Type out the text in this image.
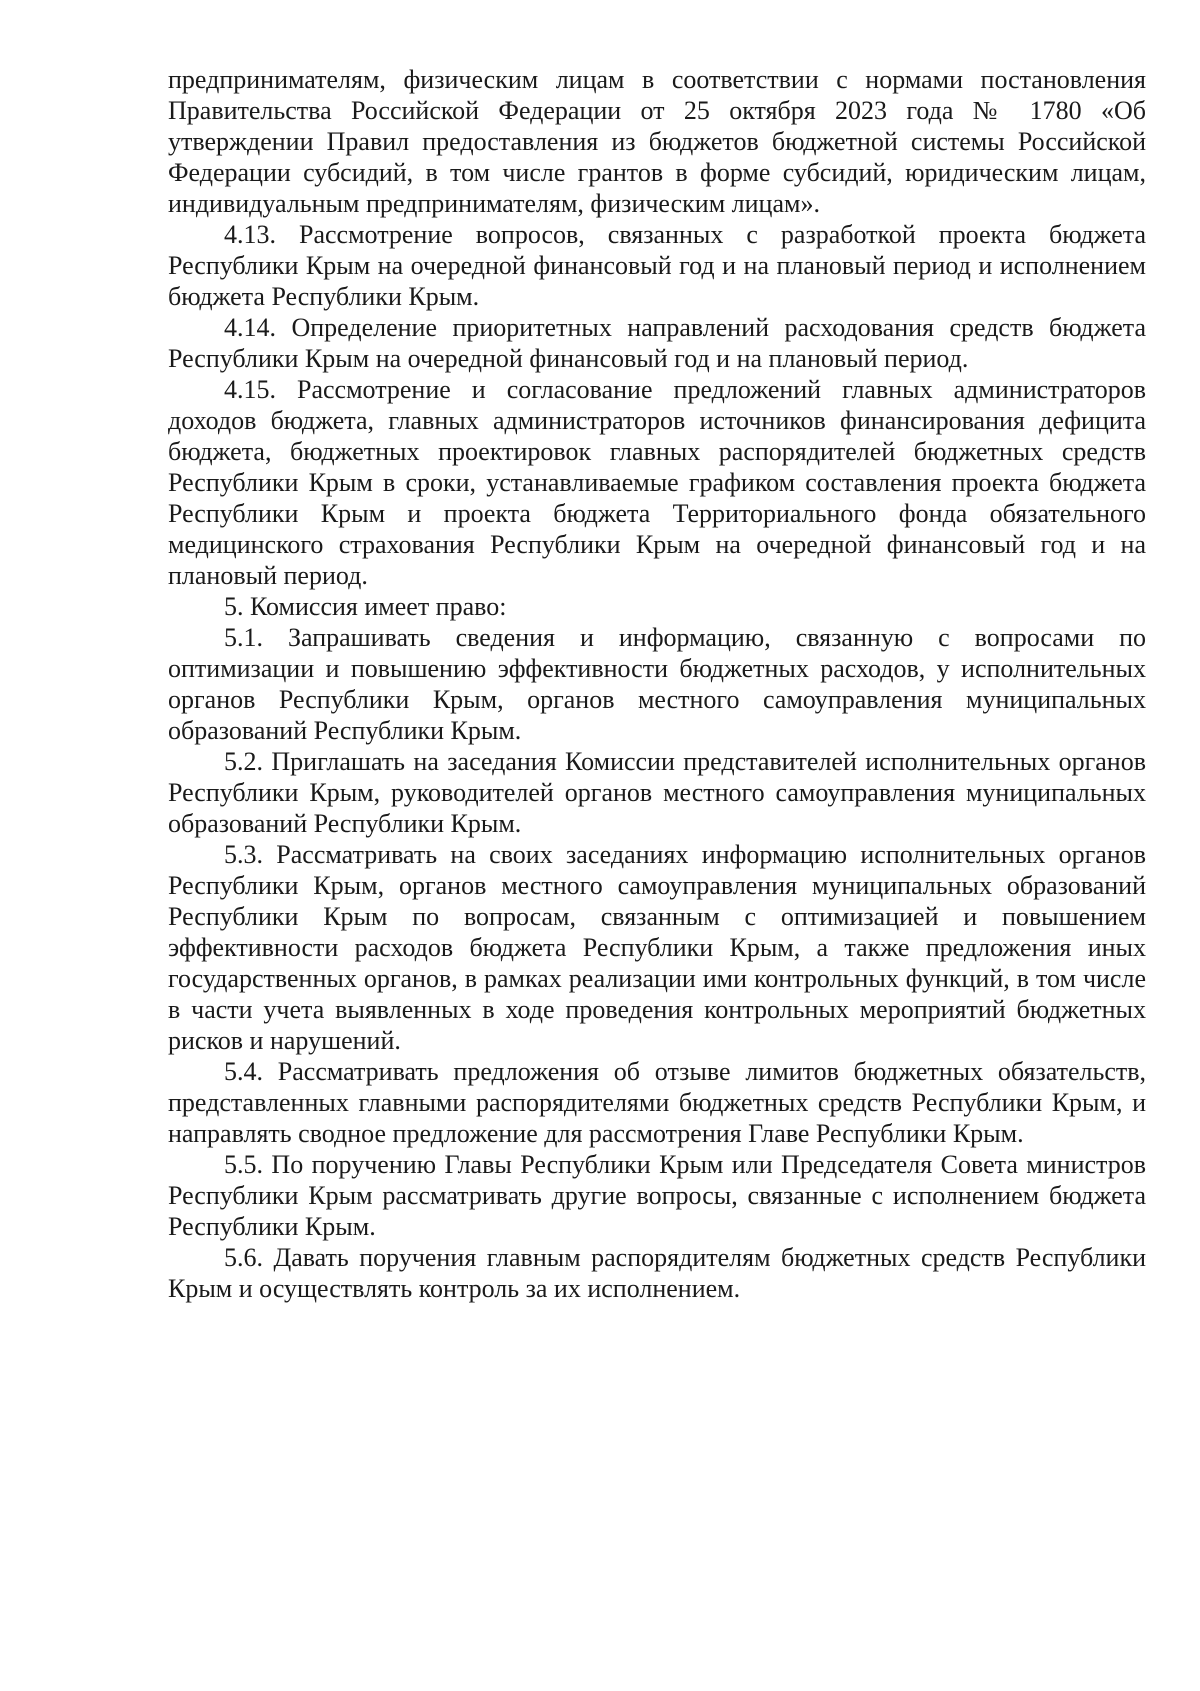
предпринимателям, физическим лицам в соответствии с нормами постановления Правительства Российской Федерации от 25 октября 2023 года № 1780 «Об утверждении Правил предоставления из бюджетов бюджетной системы Российской Федерации субсидий, в том числе грантов в форме субсидий, юридическим лицам, индивидуальным предпринимателям, физическим лицам».

4.13. Рассмотрение вопросов, связанных с разработкой проекта бюджета Республики Крым на очередной финансовый год и на плановый период и исполнением бюджета Республики Крым.

4.14. Определение приоритетных направлений расходования средств бюджета Республики Крым на очередной финансовый год и на плановый период.

4.15. Рассмотрение и согласование предложений главных администраторов доходов бюджета, главных администраторов источников финансирования дефицита бюджета, бюджетных проектировок главных распорядителей бюджетных средств Республики Крым в сроки, устанавливаемые графиком составления проекта бюджета Республики Крым и проекта бюджета Территориального фонда обязательного медицинского страхования Республики Крым на очередной финансовый год и на плановый период.

5. Комиссия имеет право:

5.1. Запрашивать сведения и информацию, связанную с вопросами по оптимизации и повышению эффективности бюджетных расходов, у исполнительных органов Республики Крым, органов местного самоуправления муниципальных образований Республики Крым.

5.2. Приглашать на заседания Комиссии представителей исполнительных органов Республики Крым, руководителей органов местного самоуправления муниципальных образований Республики Крым.

5.3. Рассматривать на своих заседаниях информацию исполнительных органов Республики Крым, органов местного самоуправления муниципальных образований Республики Крым по вопросам, связанным с оптимизацией и повышением эффективности расходов бюджета Республики Крым, а также предложения иных государственных органов, в рамках реализации ими контрольных функций, в том числе в части учета выявленных в ходе проведения контрольных мероприятий бюджетных рисков и нарушений.

5.4. Рассматривать предложения об отзыве лимитов бюджетных обязательств, представленных главными распорядителями бюджетных средств Республики Крым, и направлять сводное предложение для рассмотрения Главе Республики Крым.

5.5. По поручению Главы Республики Крым или Председателя Совета министров Республики Крым рассматривать другие вопросы, связанные с исполнением бюджета Республики Крым.

5.6. Давать поручения главным распорядителям бюджетных средств Республики Крым и осуществлять контроль за их исполнением.
